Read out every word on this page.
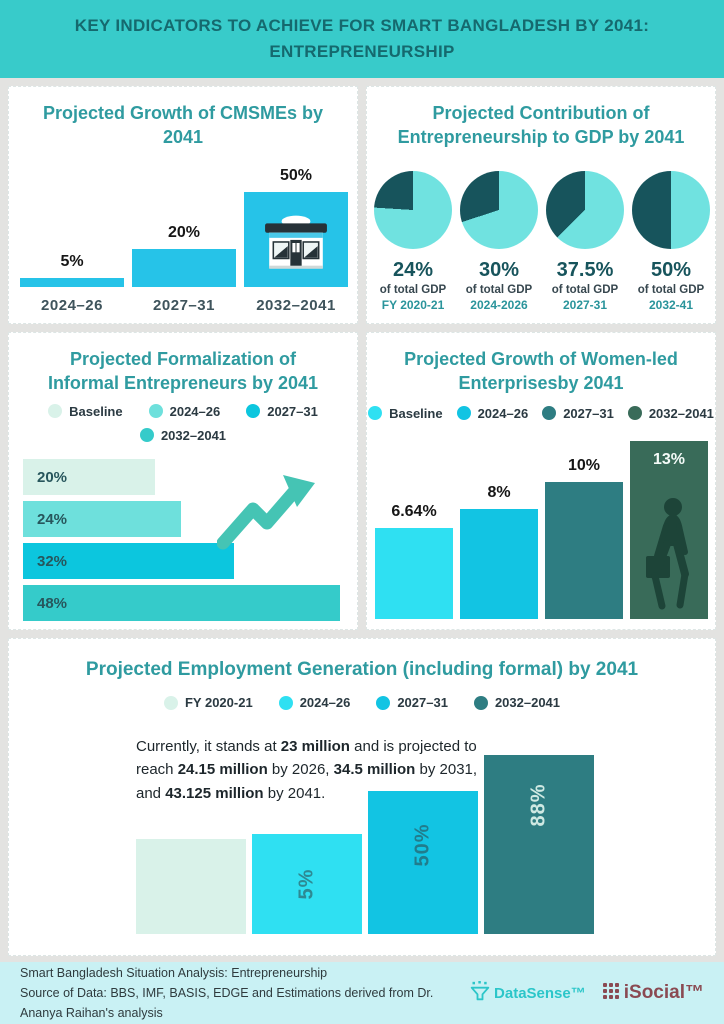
KEY INDICATORS TO ACHIEVE FOR SMART BANGLADESH BY 2041:
ENTREPRENEURSHIP
Projected Growth of CMSMEs by 2041
5%
20%
50%
2024–26	2027–31	2032–2041
Projected Contribution of Entrepreneurship to GDP by 2041
24%
of total GDP
FY 2020-21
30%
of total GDP
2024-2026
37.5%
of total GDP
2027-31
50%
of total GDP
2032-41
Projected Formalization of Informal Entrepreneurs by 2041
Baseline	2024–26	2027–31
2032–2041
20%
24%
32%
48%
Projected Growth of Women-led Enterprisesby 2041
Baseline	2024–26	2027–31	2032–2041
6.64%
8%
10%	13%
Projected Employment Generation (including formal) by 2041
FY 2020-21	2024–26	2027–31	2032–2041
Currently, it stands at 23 million and is projected to reach 24.15 million by 2026, 34.5 million by 2031, and 43.125 million by 2041.
5%
50%
88%
Smart Bangladesh Situation Analysis: Entrepreneurship
Source of Data: BBS, IMF, BASIS, EDGE and Estimations derived from Dr. Ananya Raihan's analysis
DataSense™ iSocial™
